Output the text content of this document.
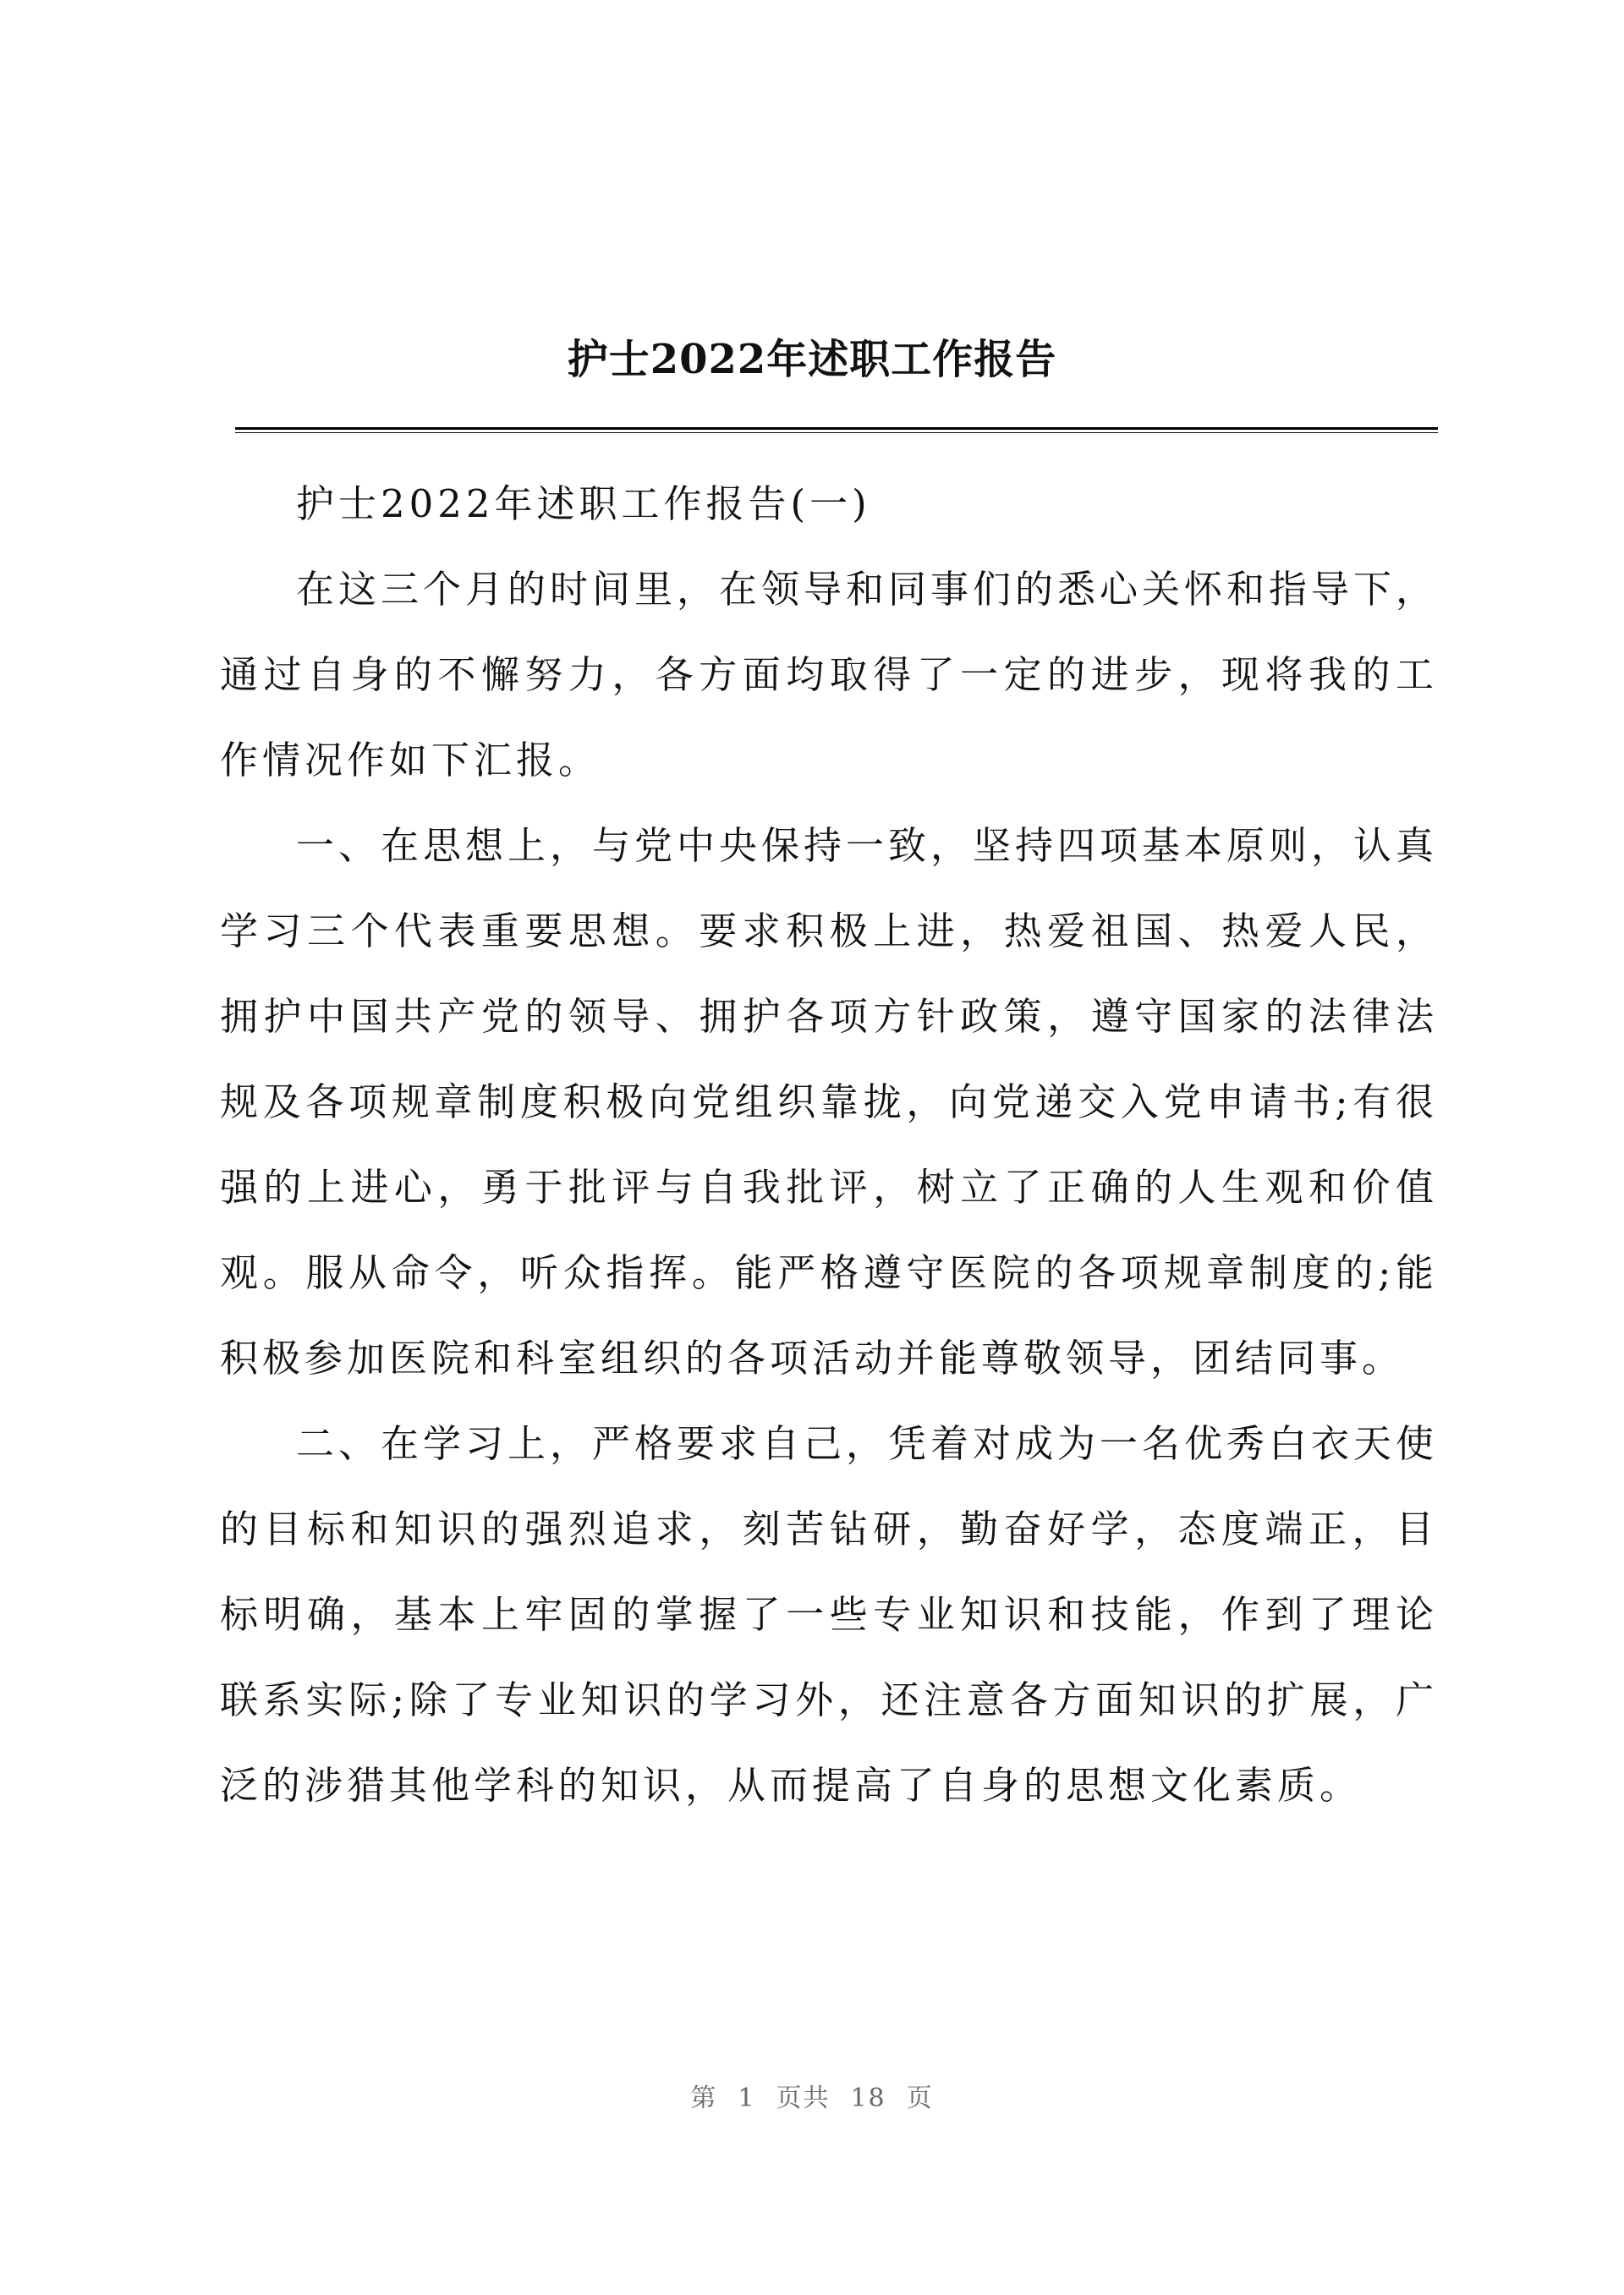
护士2022年述职工作报告

护士2022年述职工作报告(一)

在这三个月的时间里，在领导和同事们的悉心关怀和指导下，通过自身的不懈努力，各方面均取得了一定的进步，现将我的工作情况作如下汇报。

一、在思想上，与党中央保持一致，坚持四项基本原则，认真学习三个代表重要思想。要求积极上进，热爱祖国、热爱人民，拥护中国共产党的领导、拥护各项方针政策，遵守国家的法律法规及各项规章制度积极向党组织靠拢，向党递交入党申请书;有很强的上进心，勇于批评与自我批评，树立了正确的人生观和价值观。服从命令，听众指挥。能严格遵守医院的各项规章制度的;能积极参加医院和科室组织的各项活动并能尊敬领导，团结同事。

二、在学习上，严格要求自己，凭着对成为一名优秀白衣天使的目标和知识的强烈追求，刻苦钻研，勤奋好学，态度端正，目标明确，基本上牢固的掌握了一些专业知识和技能，作到了理论联系实际;除了专业知识的学习外，还注意各方面知识的扩展，广泛的涉猎其他学科的知识，从而提高了自身的思想文化素质。

第 1 页共 18 页
